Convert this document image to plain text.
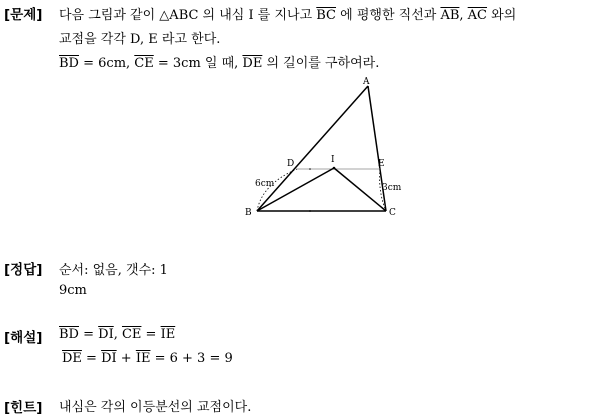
[문제] 다음 그림과 같이 △ABC 의 내심 I 를 지나고 $\overline{BC}$ 에 평행한 직선과 $\overline{AB}$, $\overline{AC}$ 와의
교점을 각각 D, E 라고 한다.
$\overline{BD} = 6cm$, $\overline{CE} = 3cm$ 일 때, $\overline{DE}$ 의 길이를 구하여라.
A
B	C
D	E
I
6cm	3cm
[정답] 순서: 없음, 갯수: 1
9cm
[해설] $\overline{BD} = \overline{DI}$, $\overline{CE} = \overline{IE}$
$\overline{DE} = \overline{DI} + \overline{IE} = 6 + 3 = 9$
[힌트] 내심은 각의 이등분선의 교점이다.
